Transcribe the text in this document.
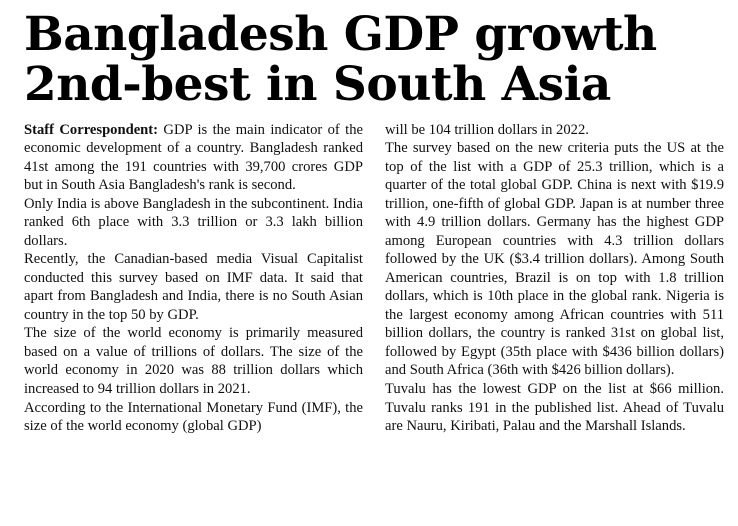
Bangladesh GDP growth
2nd-best in South Asia

Staff Correspondent: GDP is the main indicator of the economic development of a country. Bangladesh ranked 41st among the 191 countries with 39,700 crores GDP but in South Asia Bangladesh's rank is second.

Only India is above Bangladesh in the subcontinent. India ranked 6th place with 3.3 trillion or 3.3 lakh billion dollars.

Recently, the Canadian-based media Visual Capitalist conducted this survey based on IMF data. It said that apart from Bangladesh and India, there is no South Asian country in the top 50 by GDP.

The size of the world economy is primarily measured based on a value of trillions of dollars. The size of the world economy in 2020 was 88 trillion dollars which increased to 94 trillion dollars in 2021.

According to the International Monetary Fund (IMF), the size of the world economy (global GDP)

will be 104 trillion dollars in 2022.

The survey based on the new criteria puts the US at the top of the list with a GDP of 25.3 trillion, which is a quarter of the total global GDP. China is next with $19.9 trillion, one-fifth of global GDP. Japan is at number three with 4.9 trillion dollars. Germany has the highest GDP among European countries with 4.3 trillion dollars followed by the UK ($3.4 trillion dollars). Among South American countries, Brazil is on top with 1.8 trillion dollars, which is 10th place in the global rank. Nigeria is the largest economy among African countries with 511 billion dollars, the country is ranked 31st on global list, followed by Egypt (35th place with $436 billion dollars) and South Africa (36th with $426 billion dollars).

Tuvalu has the lowest GDP on the list at $66 million. Tuvalu ranks 191 in the published list. Ahead of Tuvalu are Nauru, Kiribati, Palau and the Marshall Islands.
